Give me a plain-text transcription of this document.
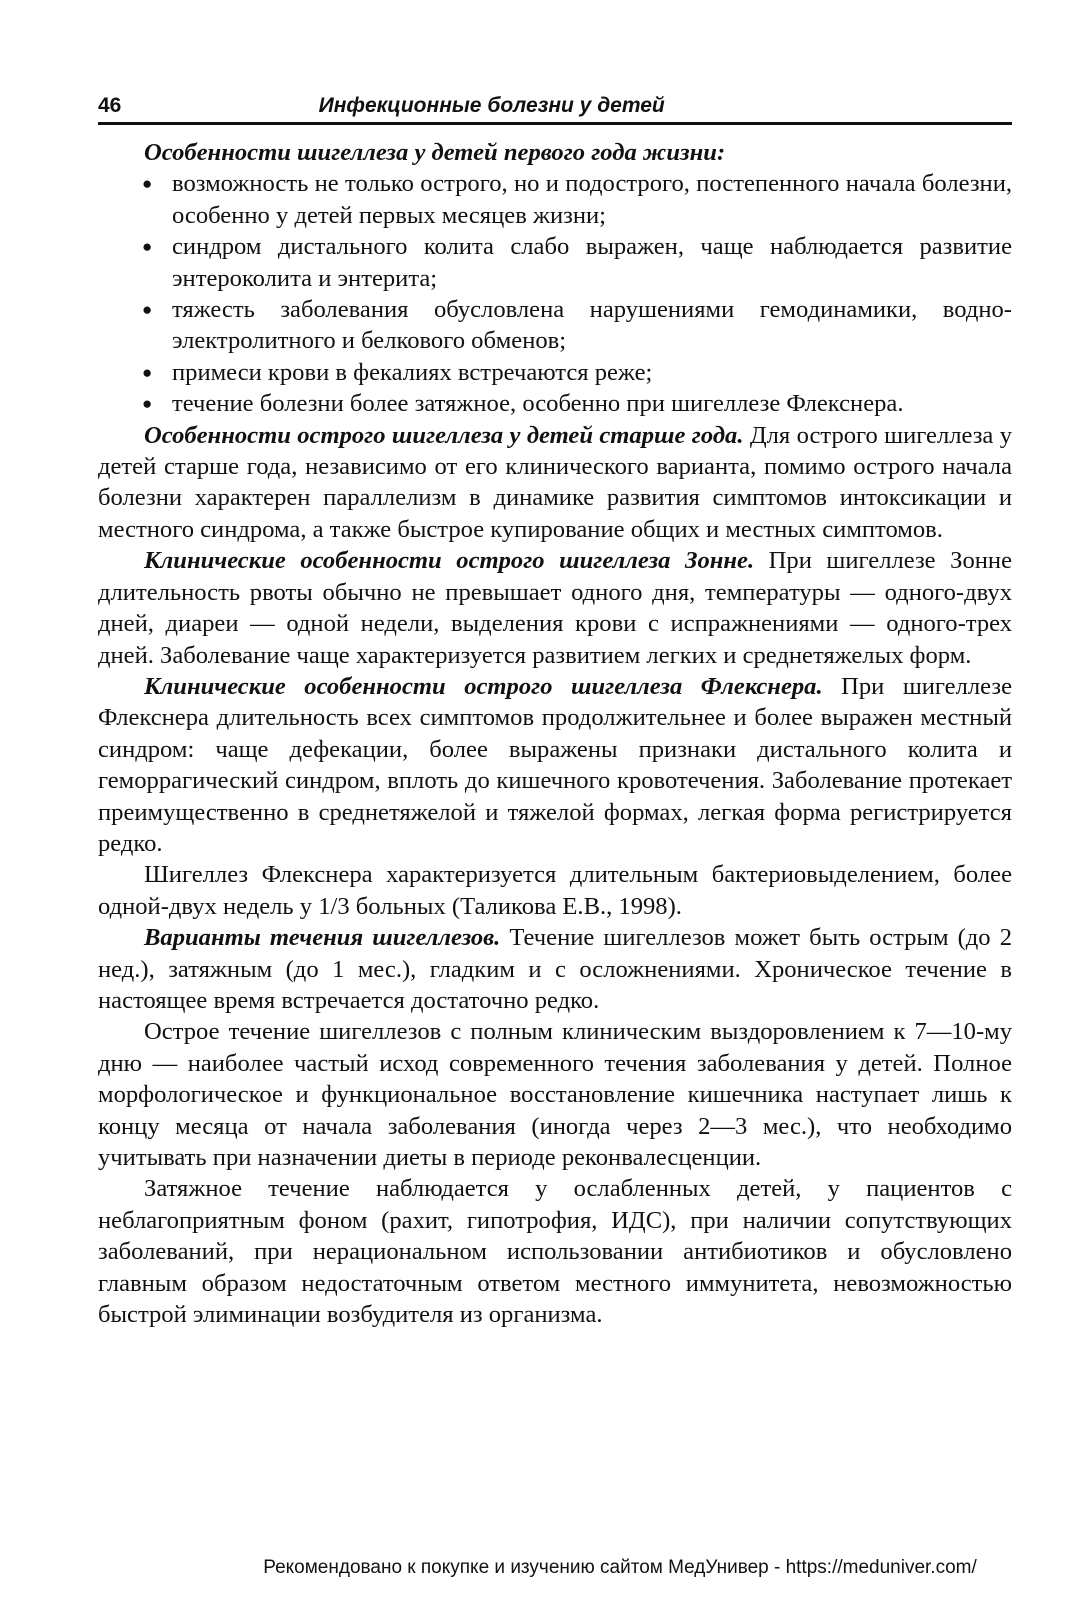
46	Инфекционные болезни у детей

Особенности шигеллеза у детей первого года жизни:

● возможность не только острого, но и подострого, постепенного начала болезни, особенно у детей первых месяцев жизни;
● синдром дистального колита слабо выражен, чаще наблюдается развитие энтероколита и энтерита;
● тяжесть заболевания обусловлена нарушениями гемодинамики, водно-электролитного и белкового обменов;
● примеси крови в фекалиях встречаются реже;
● течение болезни более затяжное, особенно при шигеллезе Флекснера.

Особенности острого шигеллеза у детей старше года. Для острого шигеллеза у детей старше года, независимо от его клинического варианта, помимо острого начала болезни характерен параллелизм в динамике развития симптомов интоксикации и местного синдрома, а также быстрое купирование общих и местных симптомов.

Клинические особенности острого шигеллеза Зонне. При шигеллезе Зонне длительность рвоты обычно не превышает одного дня, температуры — одного-двух дней, диареи — одной недели, выделения крови с испражнениями — одного-трех дней. Заболевание чаще характеризуется развитием легких и среднетяжелых форм.

Клинические особенности острого шигеллеза Флекснера. При шигеллезе Флекснера длительность всех симптомов продолжительнее и более выражен местный синдром: чаще дефекации, более выражены признаки дистального колита и геморрагический синдром, вплоть до кишечного кровотечения. Заболевание протекает преимущественно в среднетяжелой и тяжелой формах, легкая форма регистрируется редко.

Шигеллез Флекснера характеризуется длительным бактериовыделением, более одной-двух недель у 1/3 больных (Таликова Е.В., 1998).

Варианты течения шигеллезов. Течение шигеллезов может быть острым (до 2 нед.), затяжным (до 1 мес.), гладким и с осложнениями. Хроническое течение в настоящее время встречается достаточно редко.

Острое течение шигеллезов с полным клиническим выздоровлением к 7—10-му дню — наиболее частый исход современного течения заболевания у детей. Полное морфологическое и функциональное восстановление кишечника наступает лишь к концу месяца от начала заболевания (иногда через 2—3 мес.), что необходимо учитывать при назначении диеты в периоде реконвалесценции.

Затяжное течение наблюдается у ослабленных детей, у пациентов с неблагоприятным фоном (рахит, гипотрофия, ИДС), при наличии сопутствующих заболеваний, при нерациональном использовании антибиотиков и обусловлено главным образом недостаточным ответом местного иммунитета, невозможностью быстрой элиминации возбудителя из организма.

Рекомендовано к покупке и изучению сайтом МедУнивер - https://meduniver.com/
